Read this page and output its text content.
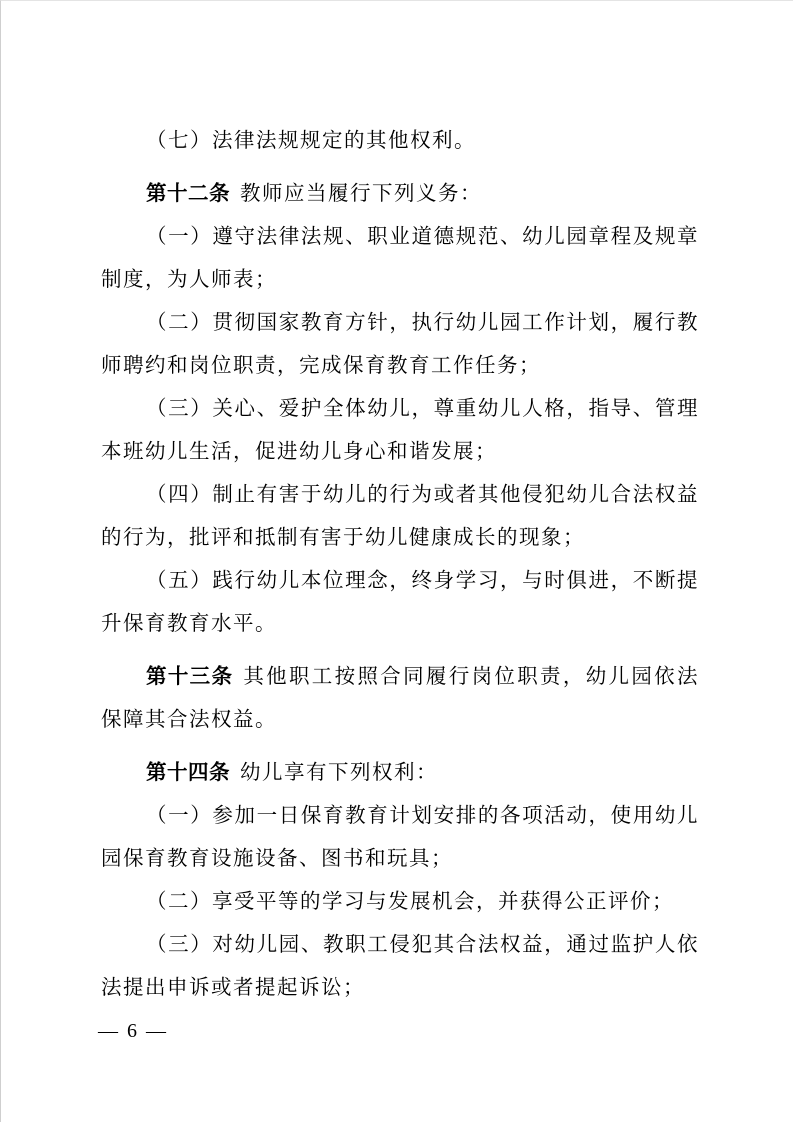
（七）法律法规规定的其他权利。

第十二条 教师应当履行下列义务：

（一）遵守法律法规、职业道德规范、幼儿园章程及规章制度，为人师表；

（二）贯彻国家教育方针，执行幼儿园工作计划，履行教师聘约和岗位职责，完成保育教育工作任务；

（三）关心、爱护全体幼儿，尊重幼儿人格，指导、管理本班幼儿生活，促进幼儿身心和谐发展；

（四）制止有害于幼儿的行为或者其他侵犯幼儿合法权益的行为，批评和抵制有害于幼儿健康成长的现象；

（五）践行幼儿本位理念，终身学习，与时俱进，不断提升保育教育水平。

第十三条 其他职工按照合同履行岗位职责，幼儿园依法保障其合法权益。

第十四条 幼儿享有下列权利：

（一）参加一日保育教育计划安排的各项活动，使用幼儿园保育教育设施设备、图书和玩具；

（二）享受平等的学习与发展机会，并获得公正评价；

（三）对幼儿园、教职工侵犯其合法权益，通过监护人依法提出申诉或者提起诉讼；

— 6 —
